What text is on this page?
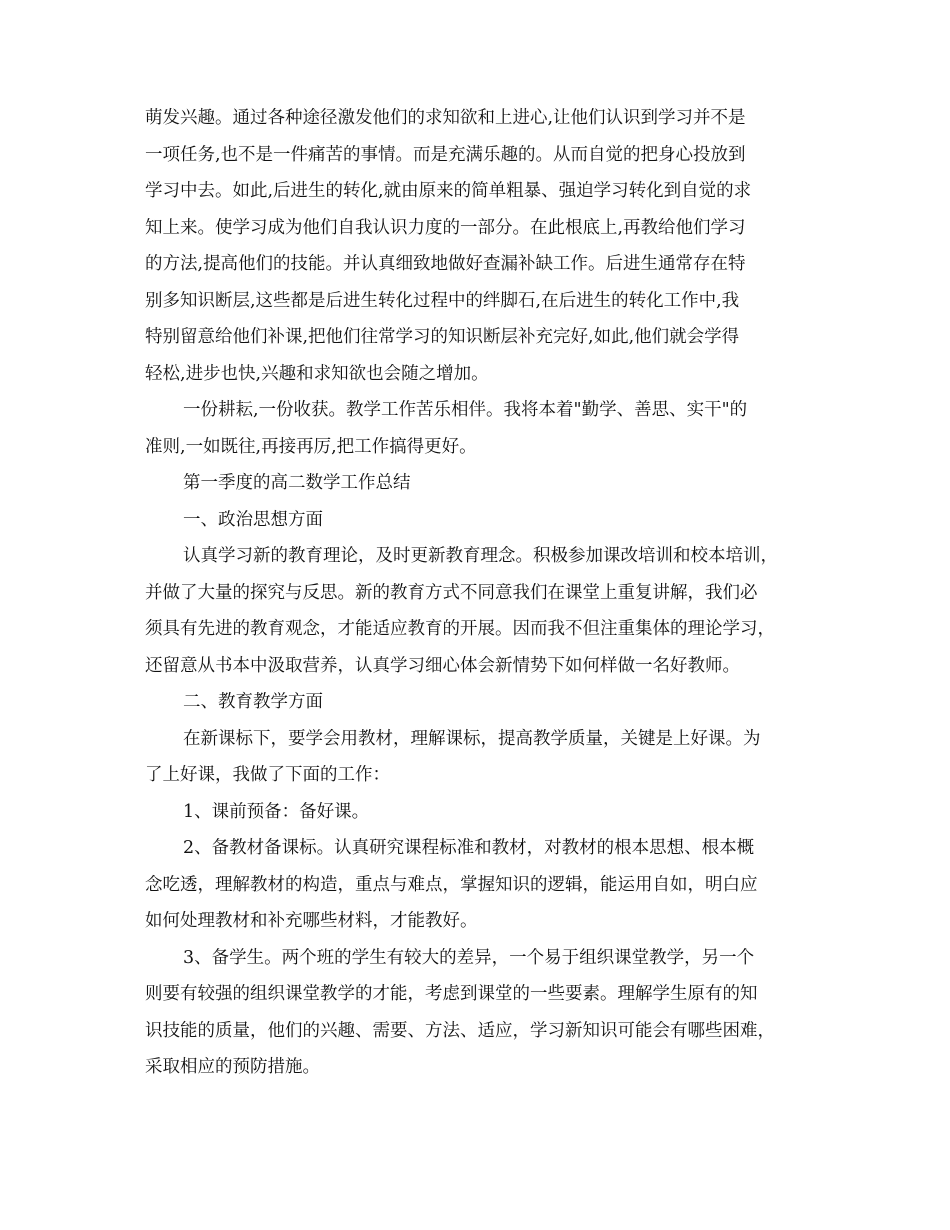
萌发兴趣。通过各种途径激发他们的求知欲和上进心,让他们认识到学习并不是
一项任务,也不是一件痛苦的事情。而是充满乐趣的。从而自觉的把身心投放到
学习中去。如此,后进生的转化,就由原来的简单粗暴、强迫学习转化到自觉的求
知上来。使学习成为他们自我认识力度的一部分。在此根底上,再教给他们学习
的方法,提高他们的技能。并认真细致地做好查漏补缺工作。后进生通常存在特
别多知识断层,这些都是后进生转化过程中的绊脚石,在后进生的转化工作中,我
特别留意给他们补课,把他们往常学习的知识断层补充完好,如此,他们就会学得
轻松,进步也快,兴趣和求知欲也会随之增加。
一份耕耘,一份收获。教学工作苦乐相伴。我将本着"勤学、善思、实干"的
准则,一如既往,再接再厉,把工作搞得更好。
第一季度的高二数学工作总结
一、政治思想方面
认真学习新的教育理论，及时更新教育理念。积极参加课改培训和校本培训，
并做了大量的探究与反思。新的教育方式不同意我们在课堂上重复讲解，我们必
须具有先进的教育观念，才能适应教育的开展。因而我不但注重集体的理论学习，
还留意从书本中汲取营养，认真学习细心体会新情势下如何样做一名好教师。
二、教育教学方面
在新课标下，要学会用教材，理解课标，提高教学质量，关键是上好课。为
了上好课，我做了下面的工作：
1、课前预备：备好课。
2、备教材备课标。认真研究课程标准和教材，对教材的根本思想、根本概
念吃透，理解教材的构造，重点与难点，掌握知识的逻辑，能运用自如，明白应
如何处理教材和补充哪些材料，才能教好。
3、备学生。两个班的学生有较大的差异，一个易于组织课堂教学，另一个
则要有较强的组织课堂教学的才能，考虑到课堂的一些要素。理解学生原有的知
识技能的质量，他们的兴趣、需要、方法、适应，学习新知识可能会有哪些困难，
采取相应的预防措施。
